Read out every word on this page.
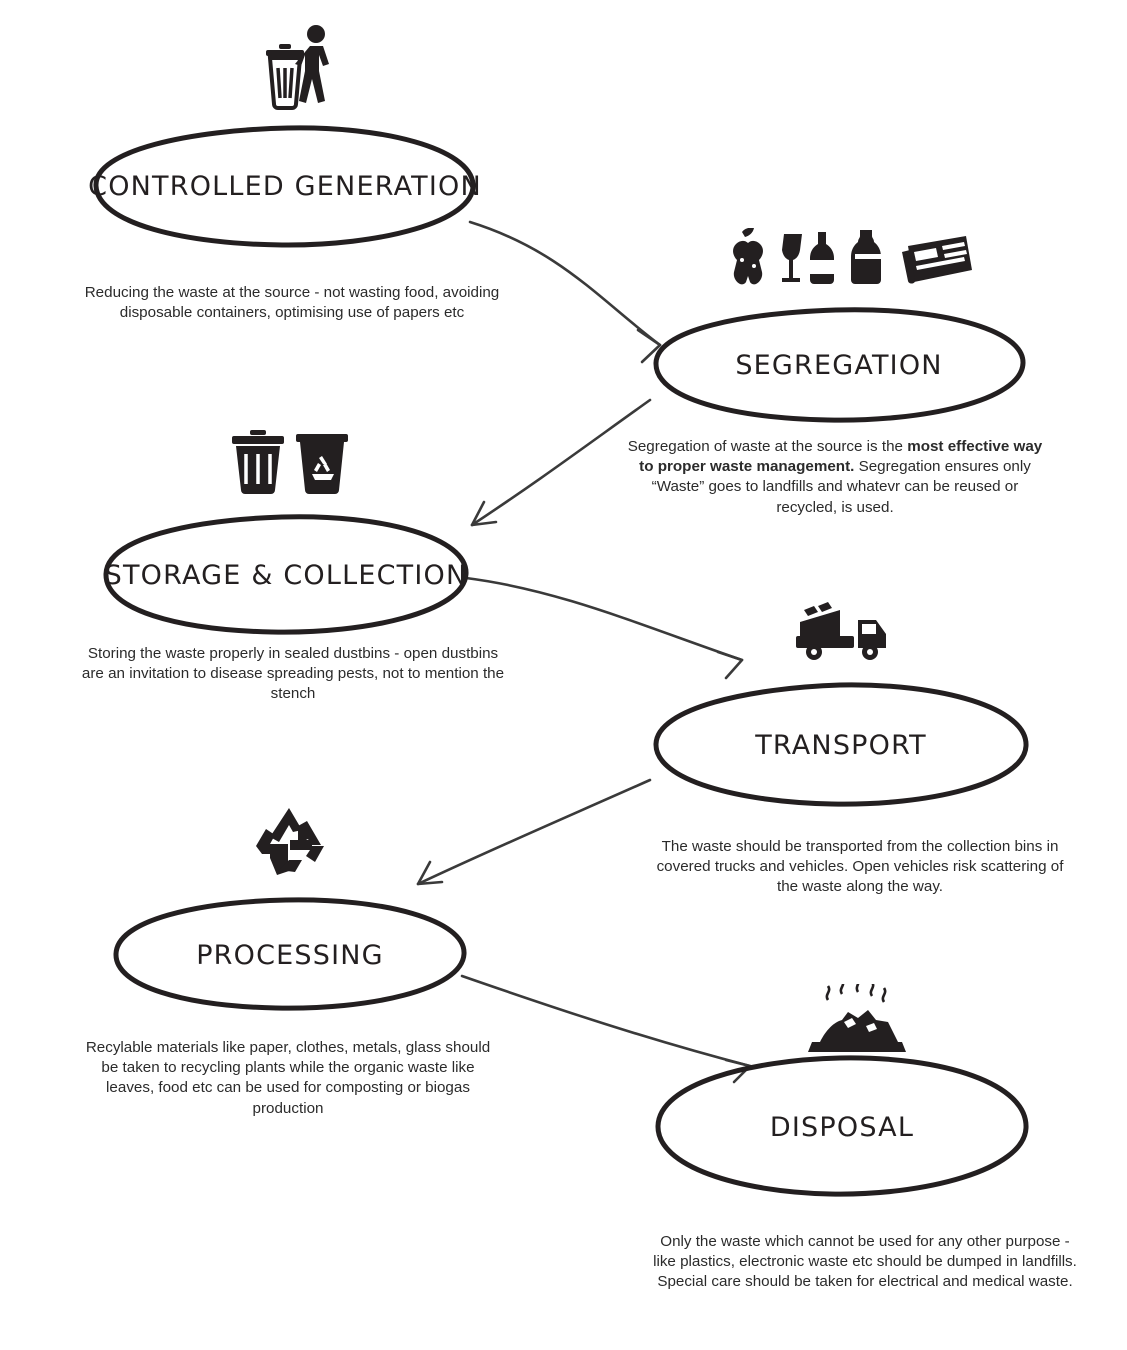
CONTROLLED GENERATION
Reducing the waste at the source - not wasting food, avoiding disposable containers, optimising use of papers etc
SEGREGATION
Segregation of waste at the source is the most effective way to proper waste management. Segregation ensures only “Waste” goes to landfills and whatevr can be reused or recycled, is used.
STORAGE & COLLECTION
Storing the waste properly in sealed dustbins - open dustbins are an invitation to disease spreading pests, not to mention the stench
TRANSPORT
The waste should be transported from the collection bins in covered trucks and vehicles. Open vehicles risk scattering of the waste along the way.
PROCESSING
Recylable materials like paper, clothes, metals, glass should be taken to recycling plants while the organic waste like leaves, food etc can be used for composting or biogas production
DISPOSAL
Only the waste which cannot be used for any other purpose - like plastics, electronic waste etc should be dumped in landfills. Special care should be taken for electrical and medical waste.
